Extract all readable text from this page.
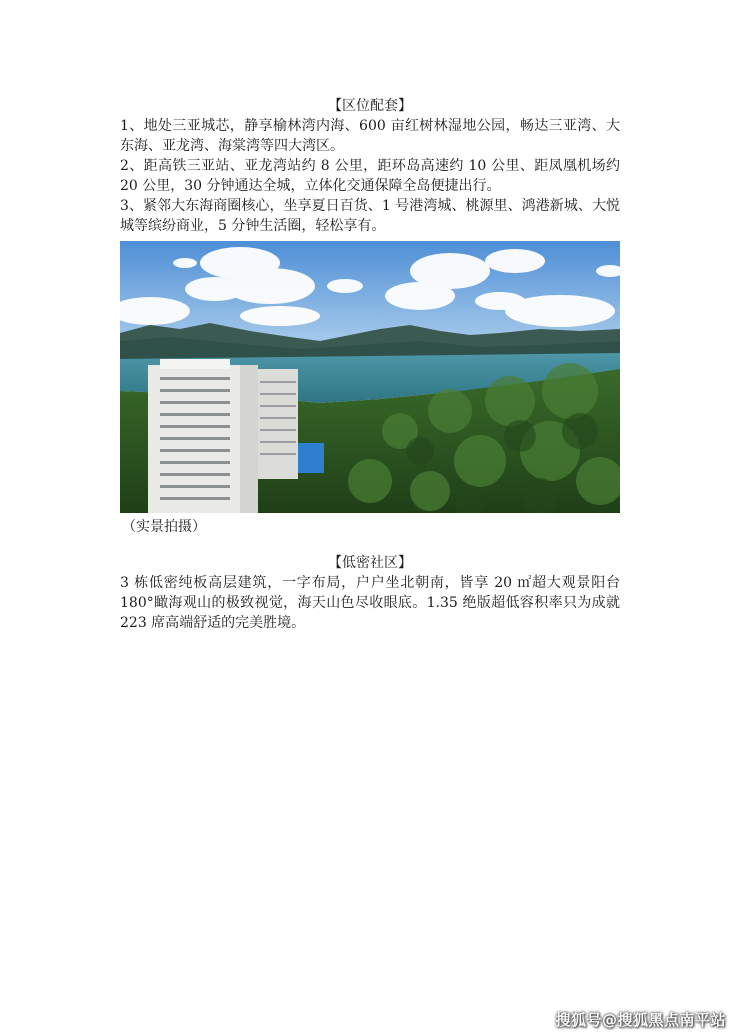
【区位配套】

1、地处三亚城芯，静享榆林湾内海、600 亩红树林湿地公园，畅达三亚湾、大东海、亚龙湾、海棠湾等四大湾区。

2、距高铁三亚站、亚龙湾站约 8 公里，距环岛高速约 10 公里、距凤凰机场约 20 公里，30 分钟通达全城，立体化交通保障全岛便捷出行。

3、紧邻大东海商圈核心，坐享夏日百货、1 号港湾城、桃源里、鸿港新城、大悦城等缤纷商业，5 分钟生活圈，轻松享有。

（实景拍摄）

【低密社区】

3 栋低密纯板高层建筑，一字布局，户户坐北朝南，皆享 20 ㎡超大观景阳台 180°瞰海观山的极致视觉，海天山色尽收眼底。1.35 绝版超低容积率只为成就 223 席高端舒适的完美胜境。

搜狐号@搜狐黑点南平站
